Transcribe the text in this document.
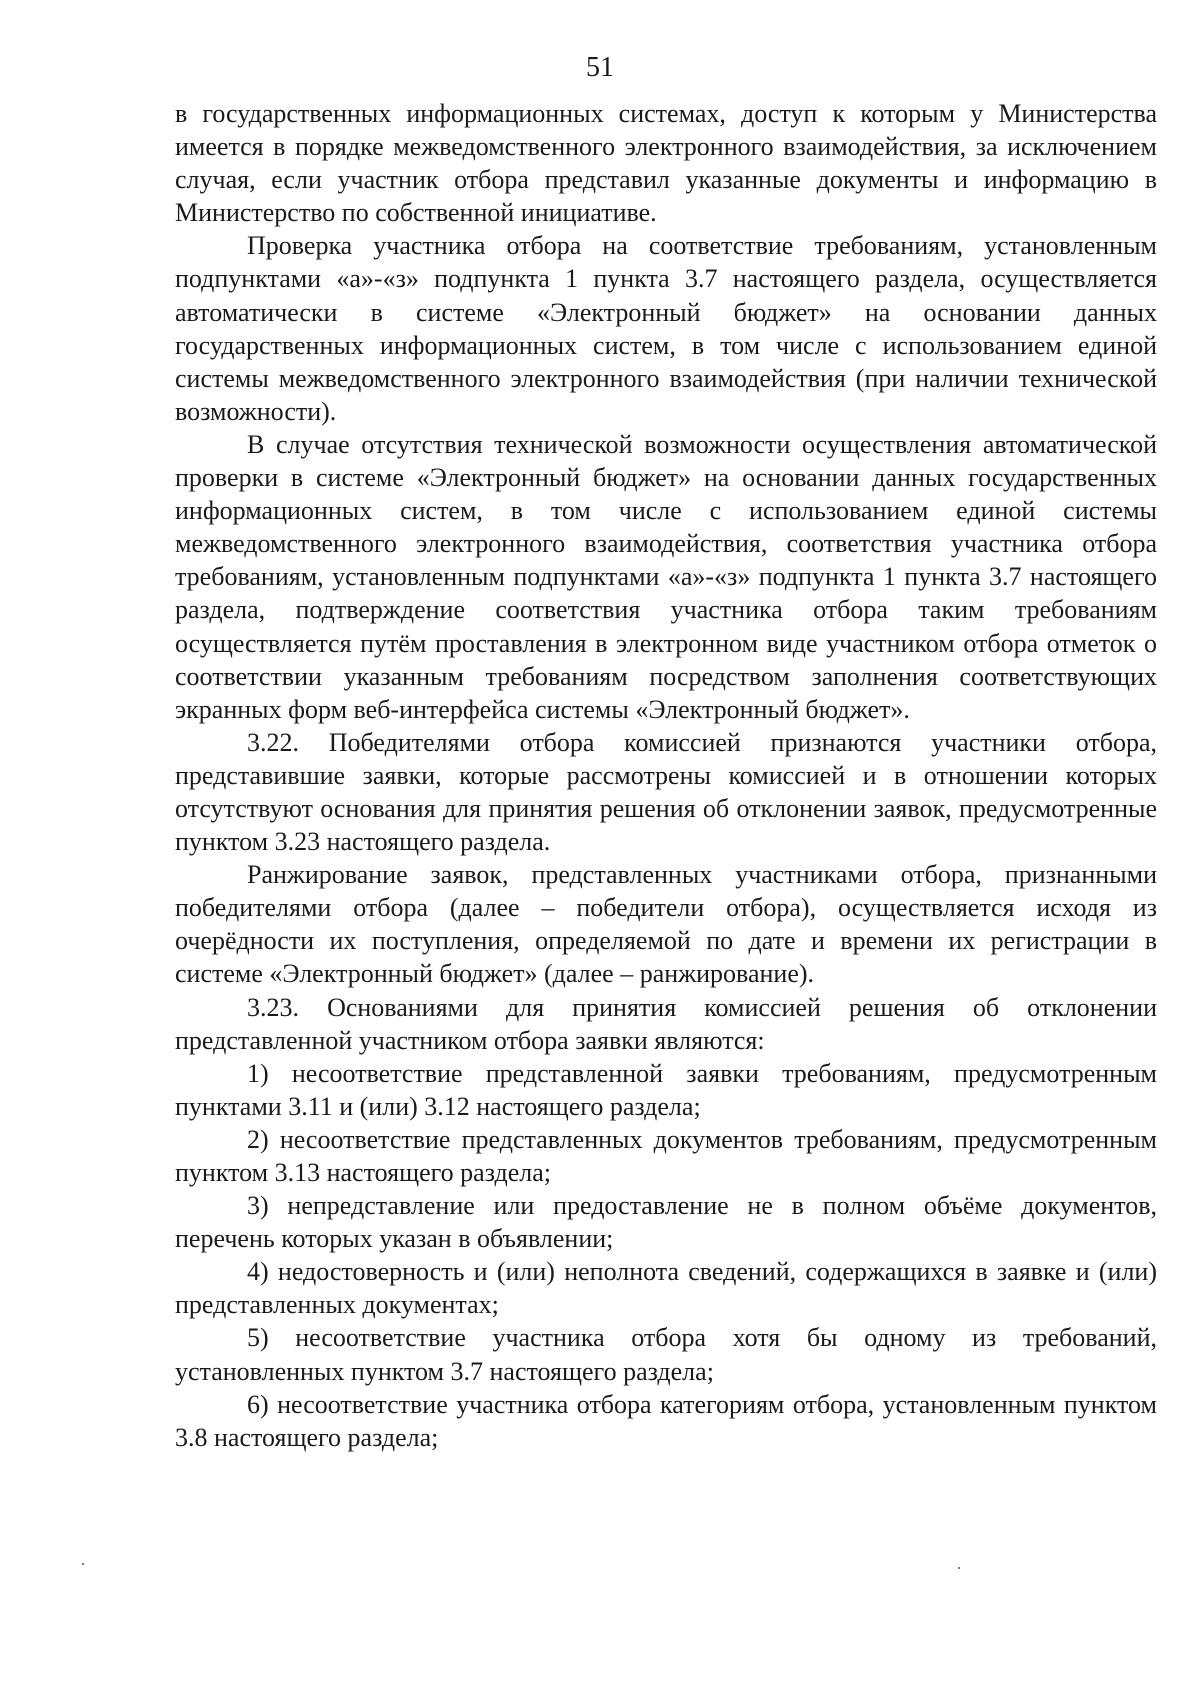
51

в государственных информационных системах, доступ к которым у Министерства имеется в порядке межведомственного электронного взаимодействия, за исключением случая, если участник отбора представил указанные документы и информацию в Министерство по собственной инициативе.

Проверка участника отбора на соответствие требованиям, установленным подпунктами «а»-«з» подпункта 1 пункта 3.7 настоящего раздела, осуществляется автоматически в системе «Электронный бюджет» на основании данных государственных информационных систем, в том числе с использованием единой системы межведомственного электронного взаимодействия (при наличии технической возможности).

В случае отсутствия технической возможности осуществления автоматической проверки в системе «Электронный бюджет» на основании данных государственных информационных систем, в том числе с использованием единой системы межведомственного электронного взаимодействия, соответствия участника отбора требованиям, установленным подпунктами «а»-«з» подпункта 1 пункта 3.7 настоящего раздела, подтверждение соответствия участника отбора таким требованиям осуществляется путём проставления в электронном виде участником отбора отметок о соответствии указанным требованиям посредством заполнения соответствующих экранных форм веб-интерфейса системы «Электронный бюджет».

3.22. Победителями отбора комиссией признаются участники отбора, представившие заявки, которые рассмотрены комиссией и в отношении которых отсутствуют основания для принятия решения об отклонении заявок, предусмотренные пунктом 3.23 настоящего раздела.

Ранжирование заявок, представленных участниками отбора, признанными победителями отбора (далее – победители отбора), осуществляется исходя из очерёдности их поступления, определяемой по дате и времени их регистрации в системе «Электронный бюджет» (далее – ранжирование).

3.23. Основаниями для принятия комиссией решения об отклонении представленной участником отбора заявки являются:

1) несоответствие представленной заявки требованиям, предусмотренным пунктами 3.11 и (или) 3.12 настоящего раздела;

2) несоответствие представленных документов требованиям, предусмотренным пунктом 3.13 настоящего раздела;

3) непредставление или предоставление не в полном объёме документов, перечень которых указан в объявлении;

4) недостоверность и (или) неполнота сведений, содержащихся в заявке и (или) представленных документах;

5) несоответствие участника отбора хотя бы одному из требований, установленных пунктом 3.7 настоящего раздела;

6) несоответствие участника отбора категориям отбора, установленным пунктом 3.8 настоящего раздела;
